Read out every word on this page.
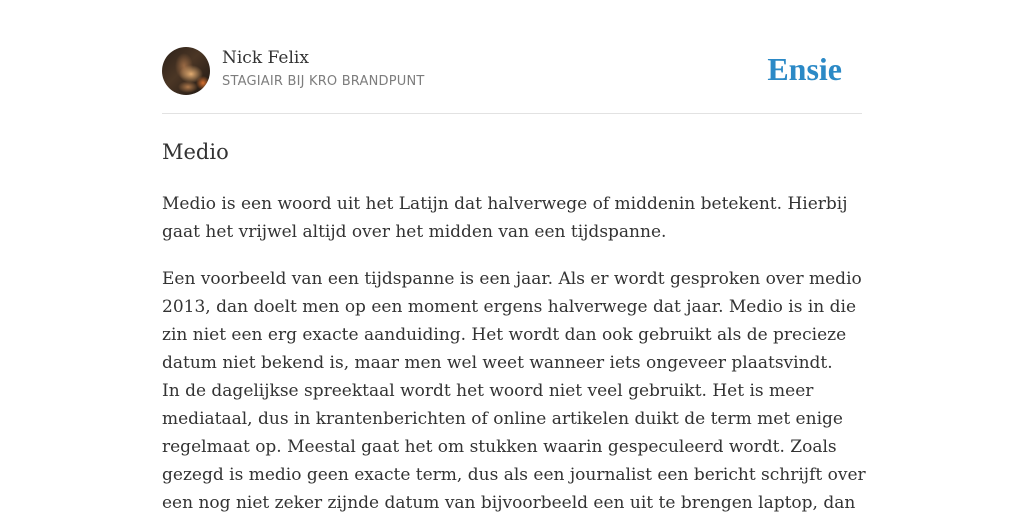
Nick Felix
STAGIAIR BIJ KRO BRANDPUNT	Ensie
Medio

Medio is een woord uit het Latijn dat halverwege of middenin betekent. Hierbij gaat het vrijwel altijd over het midden van een tijdspanne.

Een voorbeeld van een tijdspanne is een jaar. Als er wordt gesproken over medio 2013, dan doelt men op een moment ergens halverwege dat jaar. Medio is in die zin niet een erg exacte aanduiding. Het wordt dan ook gebruikt als de precieze datum niet bekend is, maar men wel weet wanneer iets ongeveer plaatsvindt.
In de dagelijkse spreektaal wordt het woord niet veel gebruikt. Het is meer mediataal, dus in krantenberichten of online artikelen duikt de term met enige regelmaat op. Meestal gaat het om stukken waarin gespeculeerd wordt. Zoals gezegd is medio geen exacte term, dus als een journalist een bericht schrijft over een nog niet zeker zijnde datum van bijvoorbeeld een uit te brengen laptop, dan
